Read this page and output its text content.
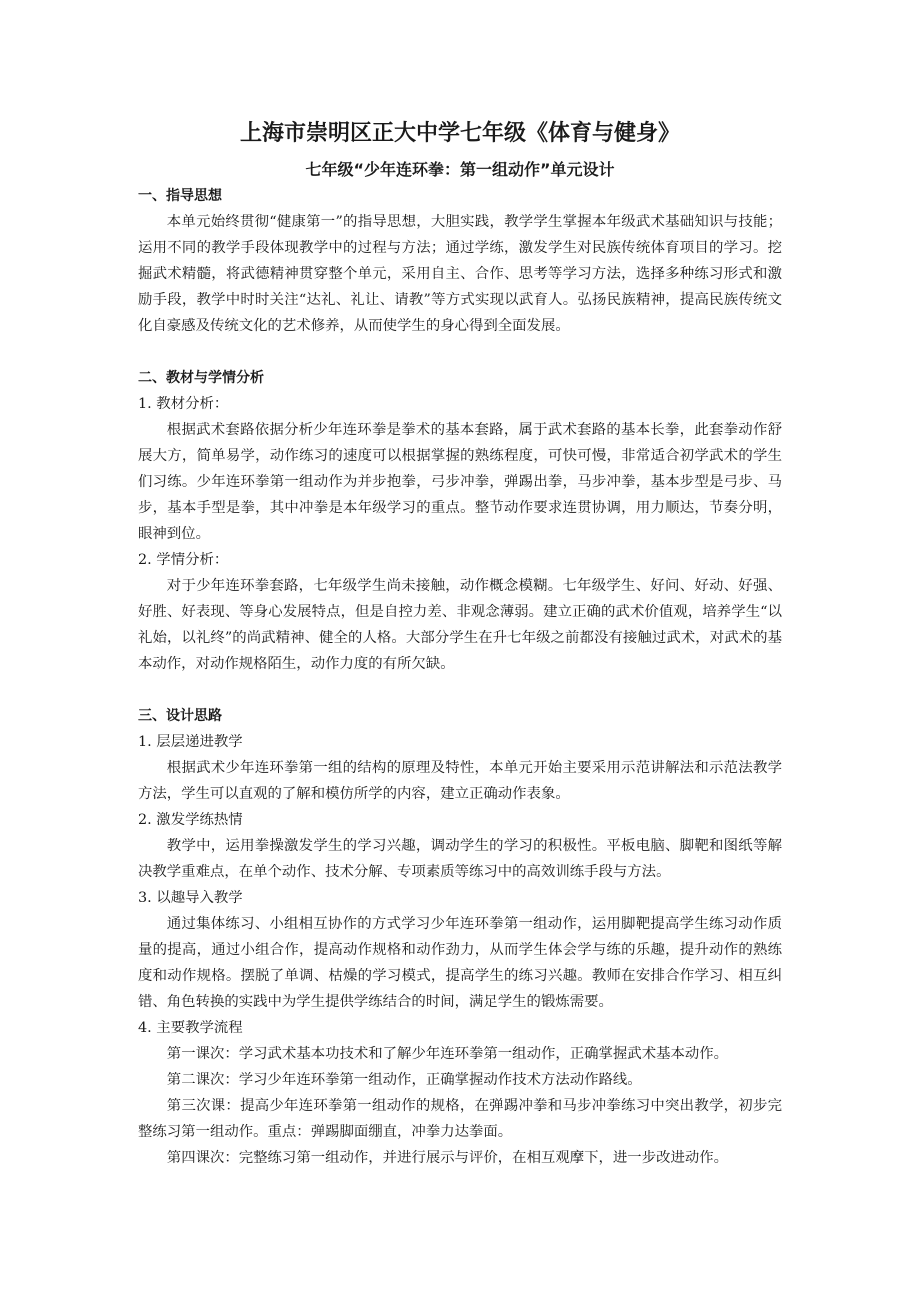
上海市崇明区正大中学七年级《体育与健身》
七年级“少年连环拳：第一组动作”单元设计
一、指导思想

本单元始终贯彻“健康第一”的指导思想，大胆实践，教学学生掌握本年级武术基础知识与技能；运用不同的教学手段体现教学中的过程与方法；通过学练，激发学生对民族传统体育项目的学习。挖掘武术精髓，将武德精神贯穿整个单元，采用自主、合作、思考等学习方法，选择多种练习形式和激励手段，教学中时时关注“达礼、礼让、请教”等方式实现以武育人。弘扬民族精神，提高民族传统文化自豪感及传统文化的艺术修养，从而使学生的身心得到全面发展。

二、教材与学情分析
1. 教材分析：

根据武术套路依据分析少年连环拳是拳术的基本套路，属于武术套路的基本长拳，此套拳动作舒展大方，简单易学，动作练习的速度可以根据掌握的熟练程度，可快可慢，非常适合初学武术的学生们习练。少年连环拳第一组动作为并步抱拳，弓步冲拳，弹踢出拳，马步冲拳，基本步型是弓步、马步，基本手型是拳，其中冲拳是本年级学习的重点。整节动作要求连贯协调，用力顺达，节奏分明，眼神到位。

2. 学情分析：

对于少年连环拳套路，七年级学生尚未接触，动作概念模糊。七年级学生、好问、好动、好强、好胜、好表现、等身心发展特点，但是自控力差、非观念薄弱。建立正确的武术价值观，培养学生“以礼始，以礼终”的尚武精神、健全的人格。大部分学生在升七年级之前都没有接触过武术，对武术的基本动作，对动作规格陌生，动作力度的有所欠缺。

三、设计思路
1. 层层递进教学

根据武术少年连环拳第一组的结构的原理及特性，本单元开始主要采用示范讲解法和示范法教学方法，学生可以直观的了解和模仿所学的内容，建立正确动作表象。

2. 激发学练热情

教学中，运用拳操激发学生的学习兴趣，调动学生的学习的积极性。平板电脑、脚靶和图纸等解决教学重难点，在单个动作、技术分解、专项素质等练习中的高效训练手段与方法。

3. 以趣导入教学

通过集体练习、小组相互协作的方式学习少年连环拳第一组动作，运用脚靶提高学生练习动作质量的提高，通过小组合作，提高动作规格和动作劲力，从而学生体会学与练的乐趣，提升动作的熟练度和动作规格。摆脱了单调、枯燥的学习模式，提高学生的练习兴趣。教师在安排合作学习、相互纠错、角色转换的实践中为学生提供学练结合的时间，满足学生的锻炼需要。

4. 主要教学流程

第一课次：学习武术基本功技术和了解少年连环拳第一组动作，正确掌握武术基本动作。

第二课次：学习少年连环拳第一组动作，正确掌握动作技术方法动作路线。

第三次课：提高少年连环拳第一组动作的规格，在弹踢冲拳和马步冲拳练习中突出教学，初步完整练习第一组动作。重点：弹踢脚面绷直，冲拳力达拳面。

第四课次：完整练习第一组动作，并进行展示与评价，在相互观摩下，进一步改进动作。
